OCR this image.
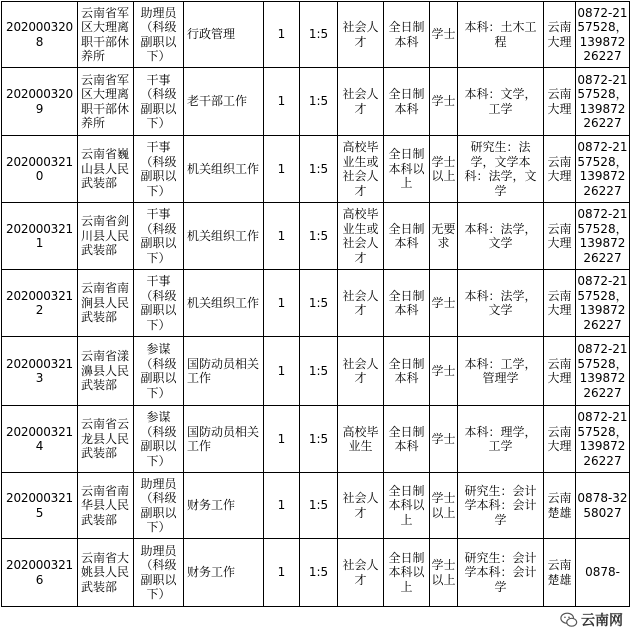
2020003208	云南省军区大理离职干部休养所	助理员（科级副职以下）	行政管理	1	1:5	社会人才	全日制本科	学士	本科：土木工程	云南大理	0872-2157528，13987226227
2020003209	云南省军区大理离职干部休养所	干事（科级副职以下）	老干部工作	1	1:5	社会人才	全日制本科	学士	本科：文学，工学	云南大理	0872-2157528，13987226227
2020003210	云南省巍山县人民武装部	干事（科级副职以下）	机关组织工作	1	1:5	高校毕业生或社会人才	全日制本科以上	学士以上	研究生：法学，文学本科：法学，文学	云南大理	0872-2157528，13987226227
2020003211	云南省剑川县人民武装部	干事（科级副职以下）	机关组织工作	1	1:5	高校毕业生或社会人才	全日制本科	无要求	本科：法学，文学	云南大理	0872-2157528，13987226227
2020003212	云南省南涧县人民武装部	干事（科级副职以下）	机关组织工作	1	1:5	社会人才	全日制本科	学士	本科：法学，文学	云南大理	0872-2157528，13987226227
2020003213	云南省漾濞县人民武装部	参谋（科级副职以下）	国防动员相关工作	1	1:5	社会人才	全日制本科	学士	本科：工学，管理学	云南大理	0872-2157528，13987226227
2020003214	云南省云龙县人民武装部	参谋（科级副职以下）	国防动员相关工作	1	1:5	高校毕业生	全日制本科	学士	本科：理学，工学	云南大理	0872-2157528，13987226227
2020003215	云南省南华县人民武装部	助理员（科级副职以下）	财务工作	1	1:5	社会人才	全日制本科以上	学士以上	研究生：会计学本科：会计学	云南楚雄	0878-3258027
2020003216	云南省大姚县人民武装部	助理员（科级副职以下）	财务工作	1	1:5	社会人才	全日制本科以上	学士以上	研究生：会计学本科：会计学	云南楚雄	0878-
云南网
